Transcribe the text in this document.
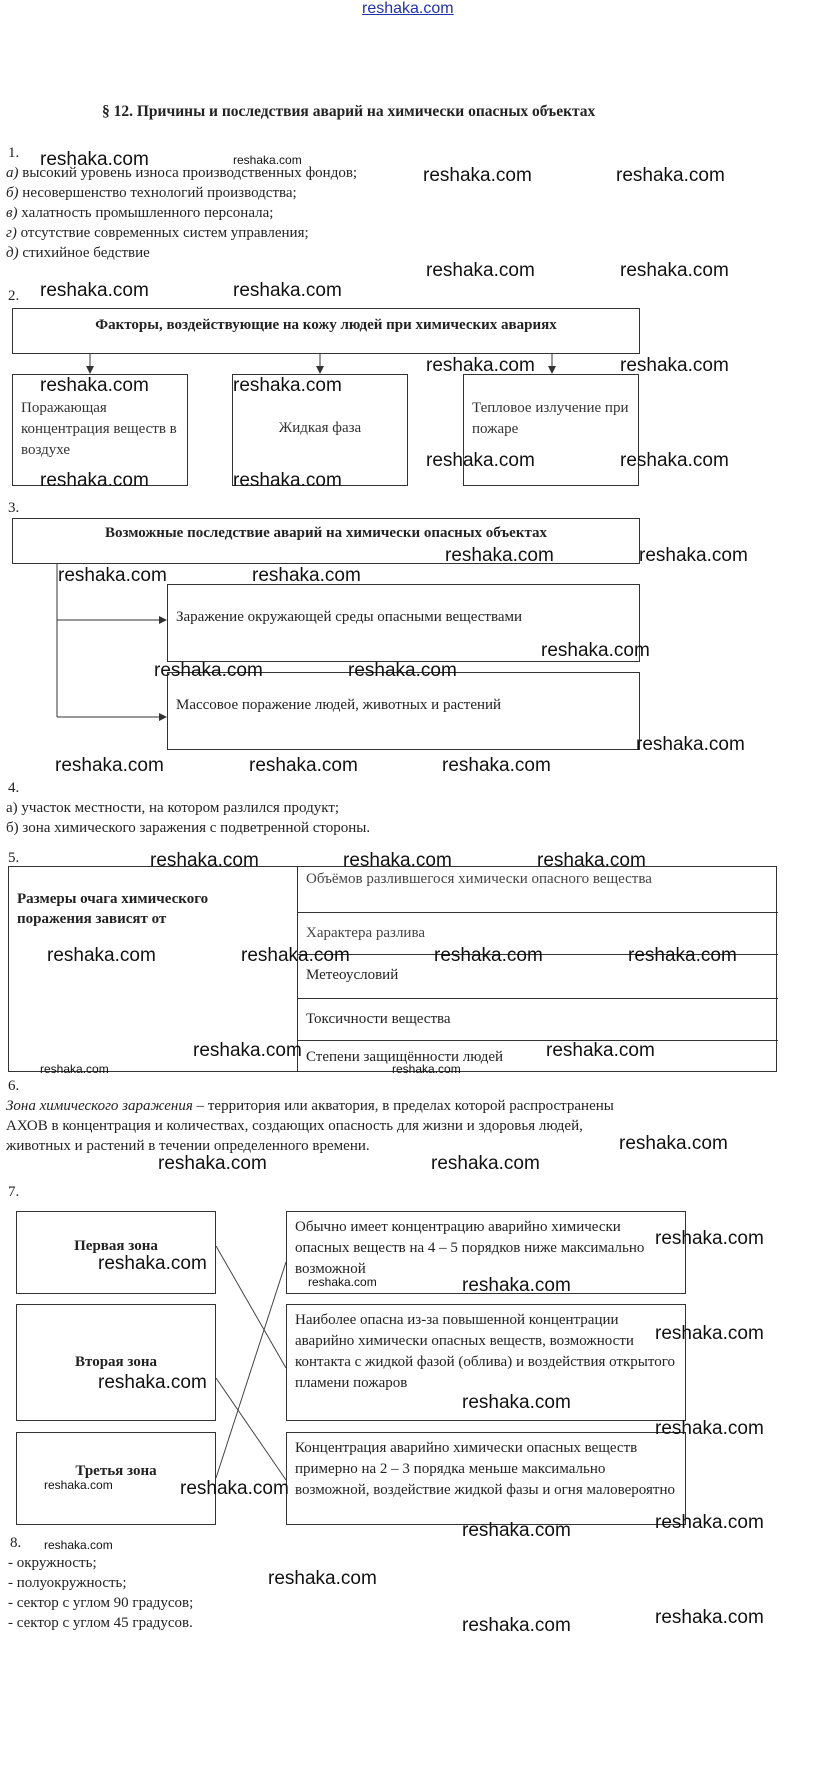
reshaka.com
§ 12. Причины и последствия аварий на химически опасных объектах
1.
а) высокий уровень износа производственных фондов;
б) несовершенство технологий производства;
в) халатность промышленного персонала;
г) отсутствие современных систем управления;
д) стихийное бедствие
2.
Факторы, воздействующие на кожу людей при химических авариях
Поражающая концентрация веществ в воздухе
Жидкая фаза
Тепловое излучение при пожаре
3.
Возможные последствие аварий на химически опасных объектах
Заражение окружающей среды опасными веществами
Массовое поражение людей, животных и растений
4.
а) участок местности, на котором разлился продукт;
б) зона химического заражения с подветренной стороны.
5.
Размеры очага химического поражения зависят от
Объёмов разлившегося химически опасного вещества
Характера разлива
Метеоусловий
Токсичности вещества
Степени защищённости людей
6.
Зона химического заражения – территория или акватория, в пределах которой распространены
АХОВ в концентрация и количествах, создающих опасность для жизни и здоровья людей,
животных и растений в течении определенного времени.
7.
Первая зона
Вторая зона
Третья зона
Обычно имеет концентрацию аварийно химически опасных веществ на 4 – 5 порядков ниже максимально возможной
Наиболее опасна из-за повышенной концентрации аварийно химически опасных веществ, возможности контакта с жидкой фазой (облива) и воздействия открытого пламени пожаров
Концентрация аварийно химически опасных веществ примерно на 2 – 3 порядка меньше максимально возможной, воздействие жидкой фазы и огня маловероятно
8.
- окружность;
- полуокружность;
- сектор с углом 90 градусов;
- сектор с углом 45 градусов.
reshaka.com	reshaka.com
reshaka.com	reshaka.com
reshaka.com	reshaka.com
reshaka.com	reshaka.com
reshaka.com	reshaka.com
reshaka.com	reshaka.com
reshaka.com	reshaka.com
reshaka.com	reshaka.com
reshaka.com	reshaka.com
reshaka.com	reshaka.com
reshaka.com
reshaka.com	reshaka.com
reshaka.com
reshaka.com	reshaka.com	reshaka.com
reshaka.com	reshaka.com	reshaka.com
reshaka.com	reshaka.com	reshaka.com	reshaka.com
reshaka.com	reshaka.com
reshaka.com	reshaka.com
reshaka.com
reshaka.com	reshaka.com
reshaka.com
reshaka.com
reshaka.com	reshaka.com
reshaka.com
reshaka.com
reshaka.com
reshaka.com
reshaka.com	reshaka.com
reshaka.com
reshaka.com
reshaka.com
reshaka.com
reshaka.com
reshaka.com
